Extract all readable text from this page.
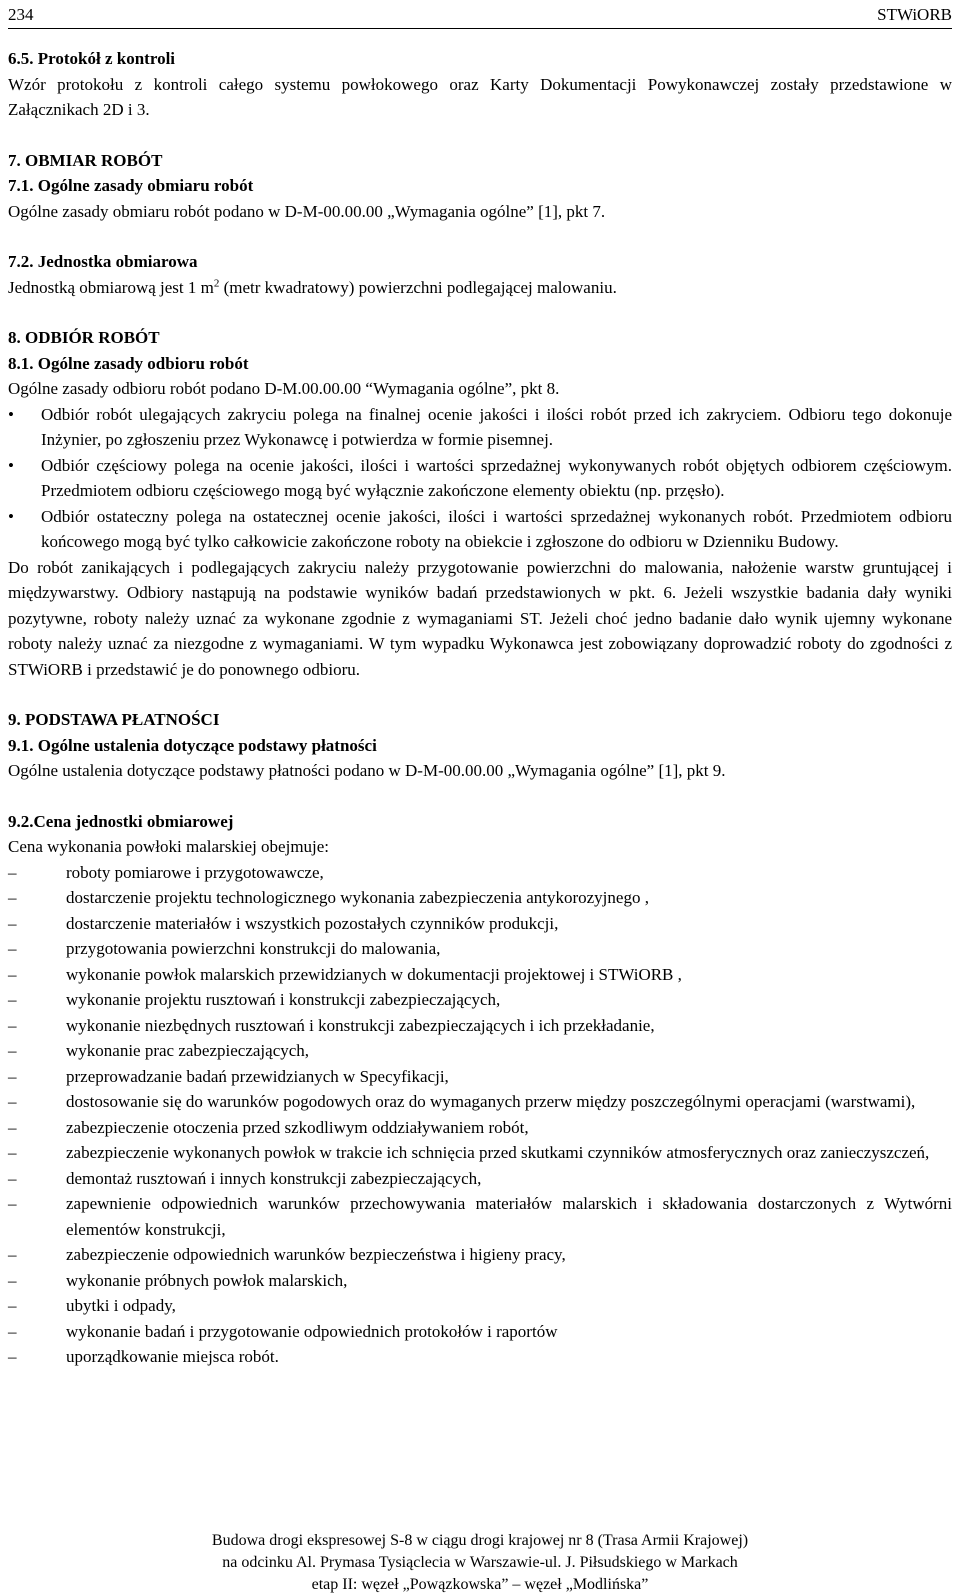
234	STWiORB

6.5. Protokół z kontroli

Wzór protokołu z kontroli całego systemu powłokowego oraz Karty Dokumentacji Powykonawczej zostały przedstawione w Załącznikach 2D i 3.

7. OBMIAR ROBÓT

7.1. Ogólne zasady obmiaru robót

Ogólne zasady obmiaru robót podano w D-M-00.00.00 „Wymagania ogólne” [1], pkt 7.

7.2. Jednostka obmiarowa

Jednostką obmiarową jest 1 $m^2$ (metr kwadratowy) powierzchni podlegającej malowaniu.

8. ODBIÓR ROBÓT

8.1. Ogólne zasady odbioru robót

Ogólne zasady odbioru robót podano D-M.00.00.00 “Wymagania ogólne”, pkt 8.

• Odbiór robót ulegających zakryciu polega na finalnej ocenie jakości i ilości robót przed ich zakryciem. Odbioru tego dokonuje Inżynier, po zgłoszeniu przez Wykonawcę i potwierdza w formie pisemnej.
• Odbiór częściowy polega na ocenie jakości, ilości i wartości sprzedażnej wykonywanych robót objętych odbiorem częściowym. Przedmiotem odbioru częściowego mogą być wyłącznie zakończone elementy obiektu (np. przęsło).
• Odbiór ostateczny polega na ostatecznej ocenie jakości, ilości i wartości sprzedażnej wykonanych robót. Przedmiotem odbioru końcowego mogą być tylko całkowicie zakończone roboty na obiekcie i zgłoszone do odbioru w Dzienniku Budowy.

Do robót zanikających i podlegających zakryciu należy przygotowanie powierzchni do malowania, nałożenie warstw gruntującej i międzywarstwy. Odbiory nastąpują na podstawie wyników badań przedstawionych w pkt. 6. Jeżeli wszystkie badania dały wyniki pozytywne, roboty należy uznać za wykonane zgodnie z wymaganiami ST. Jeżeli choć jedno badanie dało wynik ujemny wykonane roboty należy uznać za niezgodne z wymaganiami. W tym wypadku Wykonawca jest zobowiązany doprowadzić roboty do zgodności z STWiORB i przedstawić je do ponownego odbioru.

9. PODSTAWA PŁATNOŚCI

9.1. Ogólne ustalenia dotyczące podstawy płatności

Ogólne ustalenia dotyczące podstawy płatności podano w D-M-00.00.00 „Wymagania ogólne” [1], pkt 9.

9.2.Cena jednostki obmiarowej

Cena wykonania powłoki malarskiej obejmuje:

–	roboty pomiarowe i przygotowawcze,
–	dostarczenie projektu technologicznego wykonania zabezpieczenia antykorozyjnego ,
–	dostarczenie materiałów i wszystkich pozostałych czynników produkcji,
–	przygotowania powierzchni konstrukcji do malowania,
–	wykonanie powłok malarskich przewidzianych w dokumentacji projektowej i STWiORB ,
–	wykonanie projektu rusztowań i konstrukcji zabezpieczających,
–	wykonanie niezbędnych rusztowań i konstrukcji zabezpieczających i ich przekładanie,
–	wykonanie prac zabezpieczających,
–	przeprowadzanie badań przewidzianych w Specyfikacji,
–	dostosowanie się do warunków pogodowych oraz do wymaganych przerw między poszczególnymi operacjami (warstwami),
–	zabezpieczenie otoczenia przed szkodliwym oddziaływaniem robót,
–	zabezpieczenie wykonanych powłok w trakcie ich schnięcia przed skutkami czynników atmosferycznych oraz zanieczyszczeń,
–	demontaż rusztowań i innych konstrukcji zabezpieczających,
–	zapewnienie odpowiednich warunków przechowywania materiałów malarskich i składowania dostarczonych z Wytwórni elementów konstrukcji,
–	zabezpieczenie odpowiednich warunków bezpieczeństwa i higieny pracy,
–	wykonanie próbnych powłok malarskich,
–	ubytki i odpady,
–	wykonanie badań i przygotowanie odpowiednich protokołów i raportów
–	uporządkowanie miejsca robót.
Budowa drogi ekspresowej S-8 w ciągu drogi krajowej nr 8 (Trasa Armii Krajowej)
na odcinku Al. Prymasa Tysiąclecia w Warszawie-ul. J. Piłsudskiego w Markach
etap II: węzeł „Powązkowska” – węzeł „Modlińska”
